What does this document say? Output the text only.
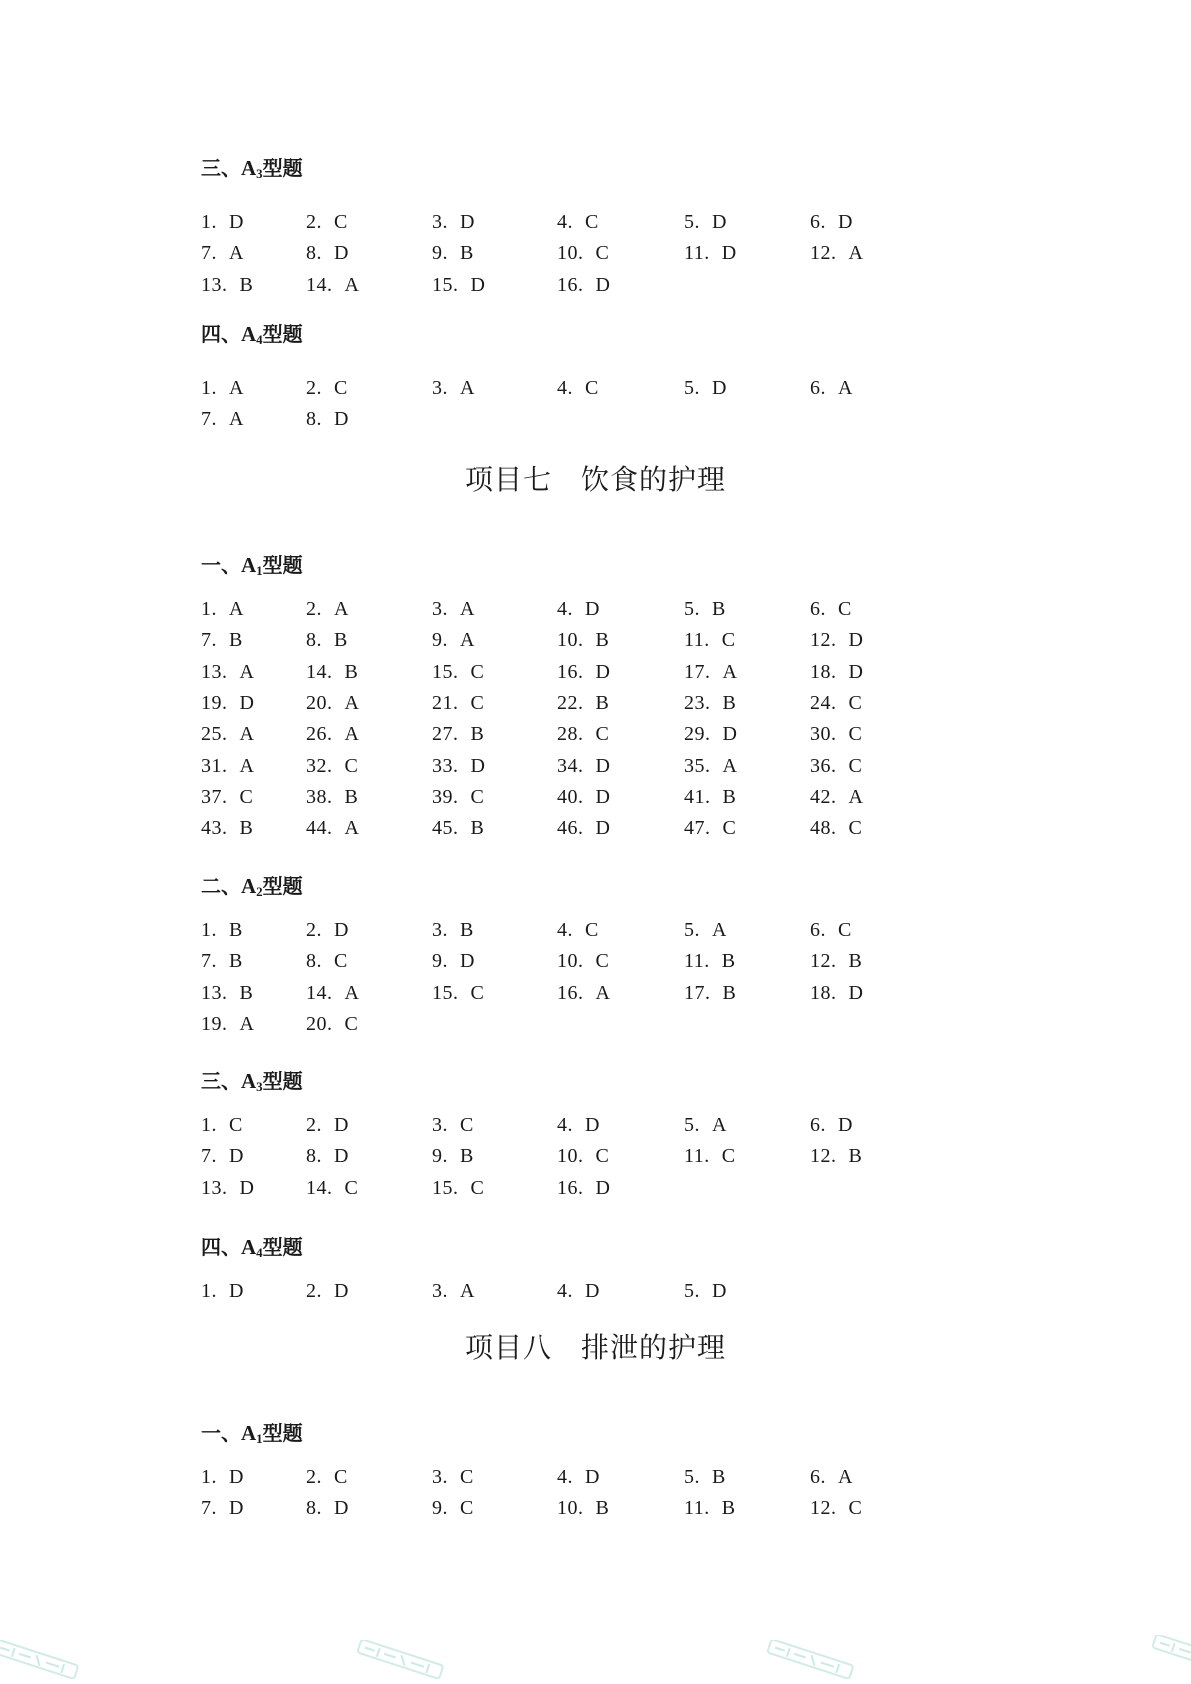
三、$A_3$型题
1. D	2. C	3. D	4. C	5. D	6. D
7. A	8. D	9. B	10. C	11. D	12. A
13. B	14. A	15. D	16. D
四、$A_4$型题
1. A	2. C	3. A	4. C	5. D	6. A
7. A	8. D
项目七　饮食的护理
一、$A_1$型题
1. A	2. A	3. A	4. D	5. B	6. C
7. B	8. B	9. A	10. B	11. C	12. D
13. A	14. B	15. C	16. D	17. A	18. D
19. D	20. A	21. C	22. B	23. B	24. C
25. A	26. A	27. B	28. C	29. D	30. C
31. A	32. C	33. D	34. D	35. A	36. C
37. C	38. B	39. C	40. D	41. B	42. A
43. B	44. A	45. B	46. D	47. C	48. C
二、$A_2$型题
1. B	2. D	3. B	4. C	5. A	6. C
7. B	8. C	9. D	10. C	11. B	12. B
13. B	14. A	15. C	16. A	17. B	18. D
19. A	20. C
三、$A_3$型题
1. C	2. D	3. C	4. D	5. A	6. D
7. D	8. D	9. B	10. C	11. C	12. B
13. D	14. C	15. C	16. D
四、$A_4$型题
1. D	2. D	3. A	4. D	5. D
项目八　排泄的护理
一、$A_1$型题
1. D	2. C	3. C	4. D	5. B	6. A
7. D	8. D	9. C	10. B	11. B	12. C
